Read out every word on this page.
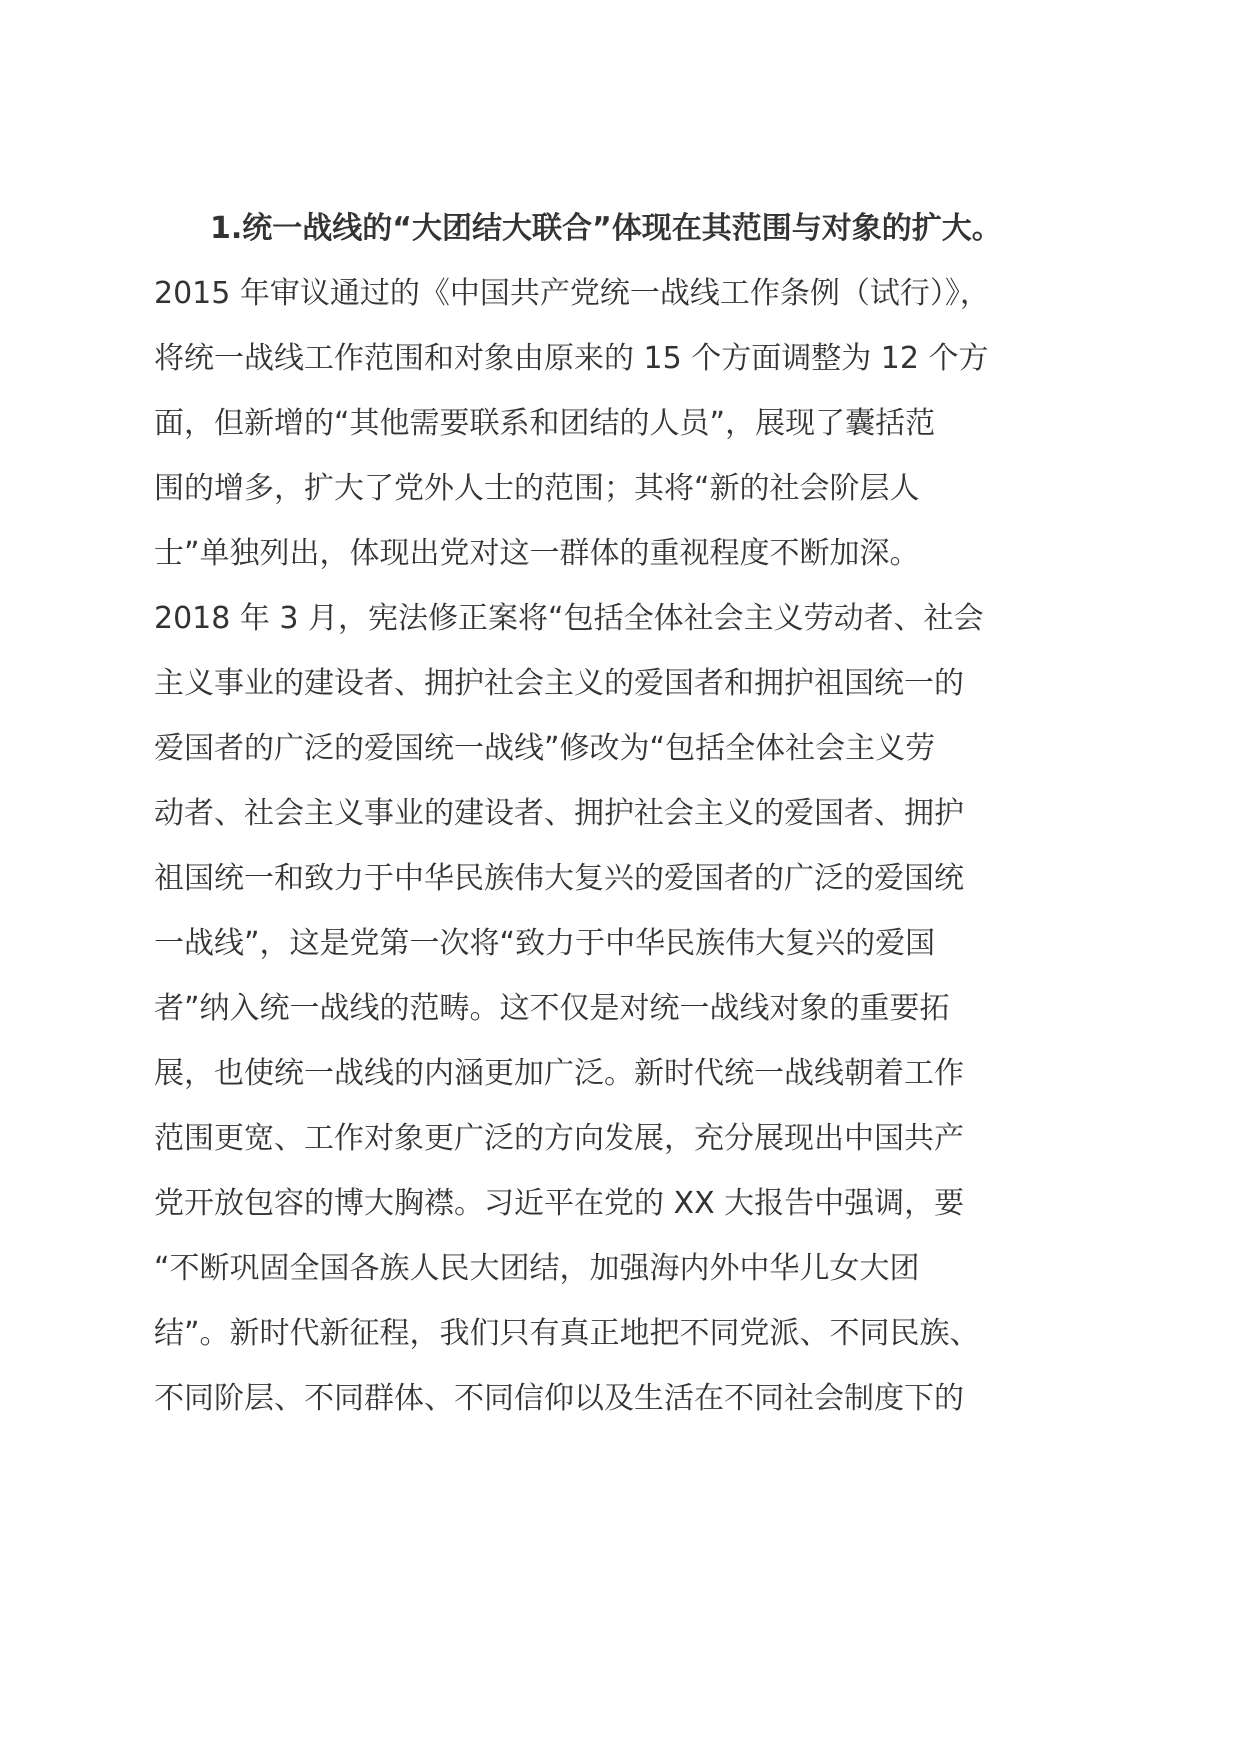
1.统一战线的“大团结大联合”体现在其范围与对象的扩大。
2015 年审议通过的《中国共产党统一战线工作条例（试行）》，
将统一战线工作范围和对象由原来的 15 个方面调整为 12 个方
面，但新增的“其他需要联系和团结的人员”，展现了囊括范
围的增多，扩大了党外人士的范围；其将“新的社会阶层人
士”单独列出，体现出党对这一群体的重视程度不断加深。
2018 年 3 月，宪法修正案将“包括全体社会主义劳动者、社会
主义事业的建设者、拥护社会主义的爱国者和拥护祖国统一的
爱国者的广泛的爱国统一战线”修改为“包括全体社会主义劳
动者、社会主义事业的建设者、拥护社会主义的爱国者、拥护
祖国统一和致力于中华民族伟大复兴的爱国者的广泛的爱国统
一战线”，这是党第一次将“致力于中华民族伟大复兴的爱国
者”纳入统一战线的范畴。这不仅是对统一战线对象的重要拓
展，也使统一战线的内涵更加广泛。新时代统一战线朝着工作
范围更宽、工作对象更广泛的方向发展，充分展现出中国共产
党开放包容的博大胸襟。习近平在党的 XX 大报告中强调，要
“不断巩固全国各族人民大团结，加强海内外中华儿女大团
结”。新时代新征程，我们只有真正地把不同党派、不同民族、
不同阶层、不同群体、不同信仰以及生活在不同社会制度下的
